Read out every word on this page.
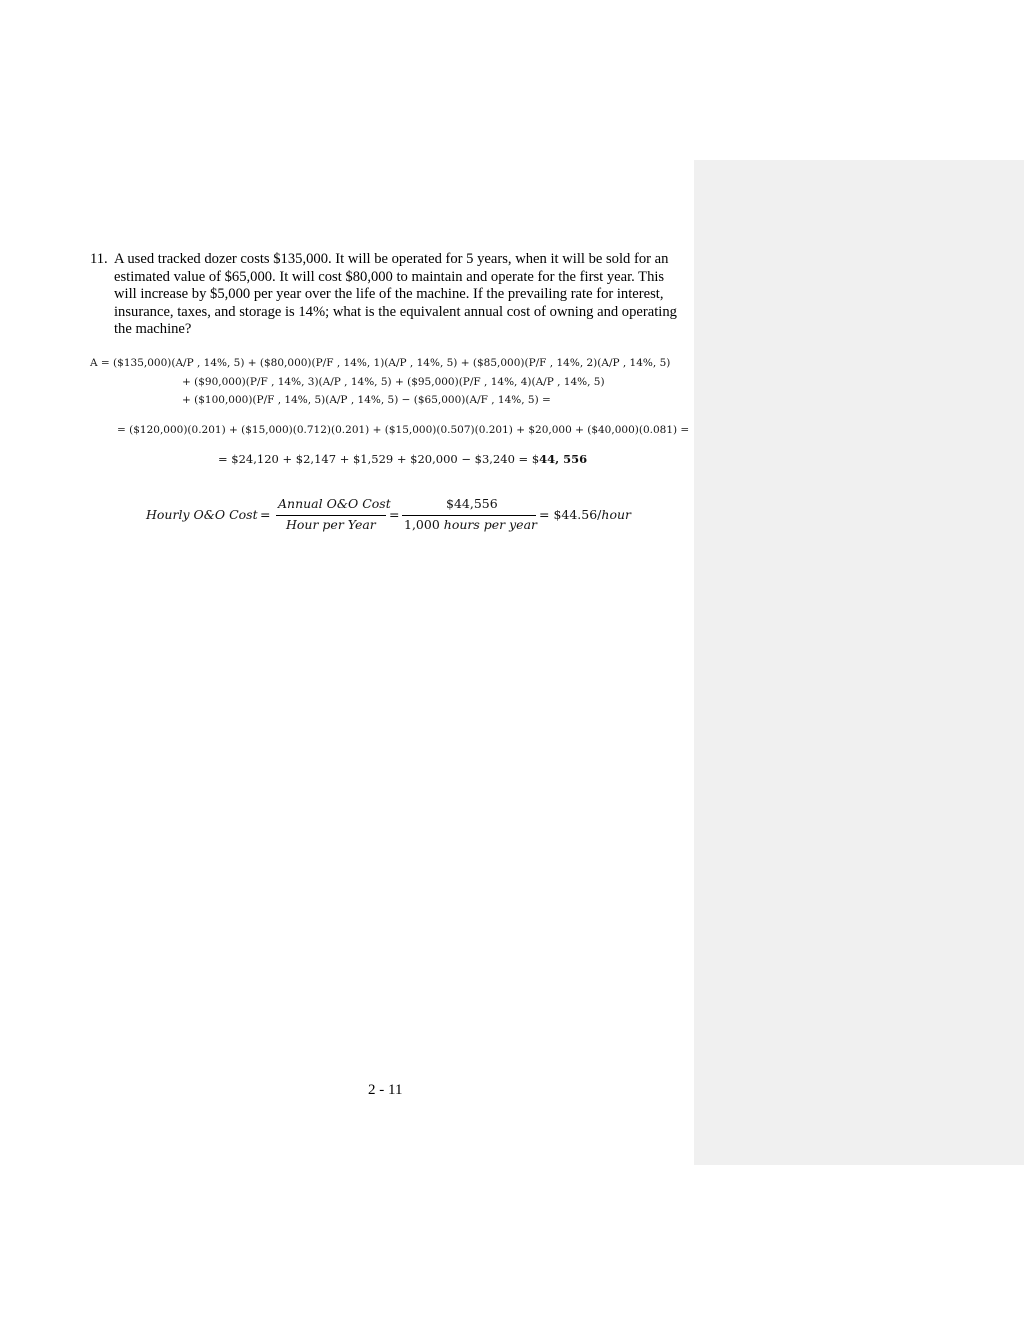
11. A used tracked dozer costs $135,000. It will be operated for 5 years, when it will be sold for an estimated value of $65,000. It will cost $80,000 to maintain and operate for the first year. This will increase by $5,000 per year over the life of the machine. If the prevailing rate for interest, insurance, taxes, and storage is 14%; what is the equivalent annual cost of owning and operating the machine?
A = ($135,000)(A/P , 14%, 5) + ($80,000)(P/F , 14%, 1)(A/P , 14%, 5) + ($85,000)(P/F , 14%, 2)(A/P , 14%, 5)
+ ($90,000)(P/F , 14%, 3)(A/P , 14%, 5) + ($95,000)(P/F , 14%, 4)(A/P , 14%, 5)
+ ($100,000)(P/F , 14%, 5)(A/P , 14%, 5) − ($65,000)(A/F , 14%, 5) =
= ($120,000)(0.201) + ($15,000)(0.712)(0.201) + ($15,000)(0.507)(0.201) + $20,000 + ($40,000)(0.081) =
= $24,120 + $2,147 + $1,529 + $20,000 − $3,240 = $44, 556
Hourly O&O Cost =
Annual O&O Cost
Hour per Year
=
$44,556
1,000 hours per year
= $44.56/hour
2 - 11
